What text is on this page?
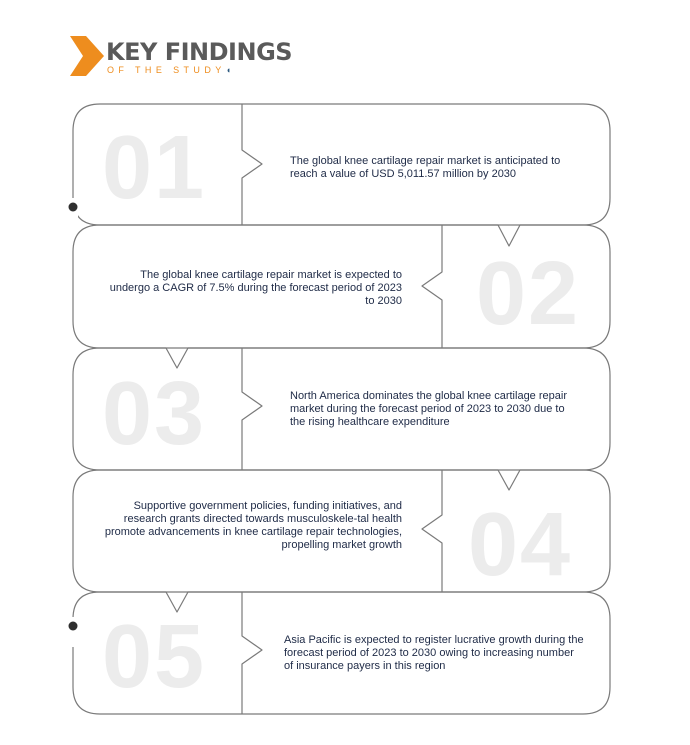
KEY FINDINGS
OF THE STUDY◖
01
02
03
04
05
The global knee cartilage repair market is anticipated to reach a value of USD 5,011.57 million by 2030
The global knee cartilage repair market is expected to undergo a CAGR of 7.5% during the forecast period of 2023 to 2030
North America dominates the global knee cartilage repair market during the forecast period of 2023 to 2030 due to the rising healthcare expenditure
Supportive government policies, funding initiatives, and research grants directed towards musculoskele-tal health promote advancements in knee cartilage repair technologies, propelling market growth
Asia Pacific is expected to register lucrative growth during the forecast period of 2023 to 2030 owing to increasing number of insurance payers in this region
